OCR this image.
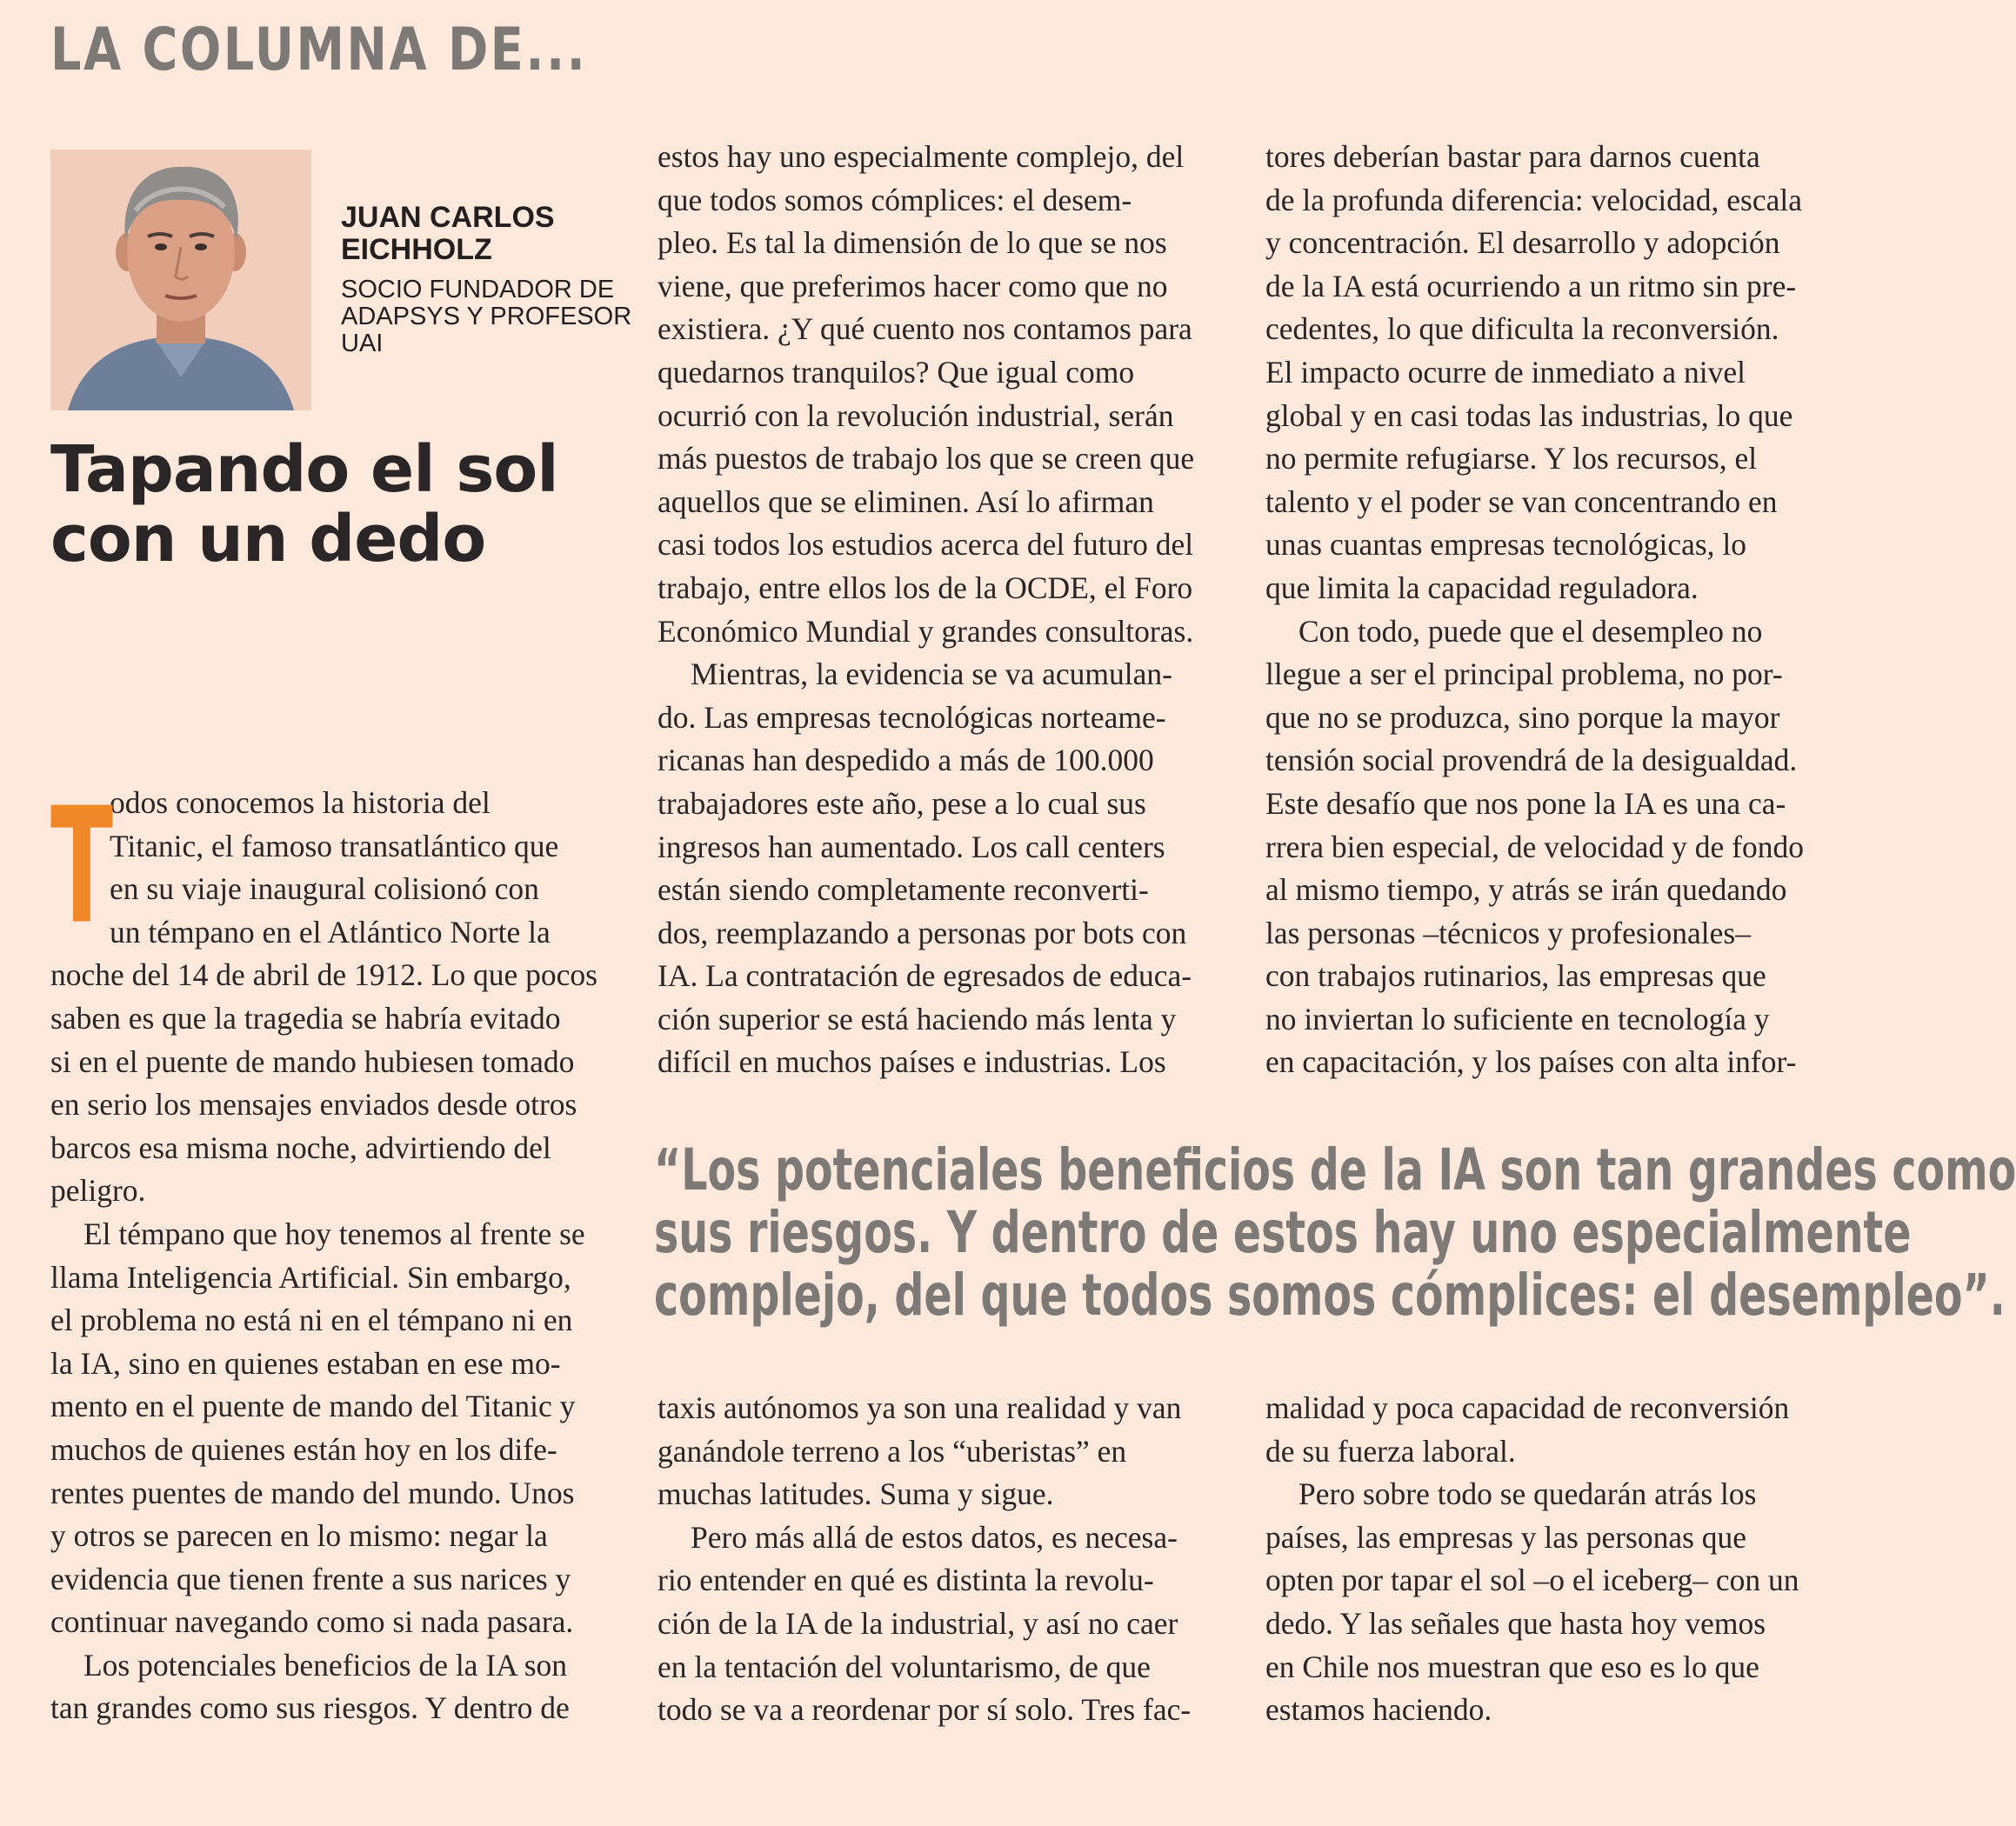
LA COLUMNA DE...

JUAN CARLOS
EICHHOLZ

SOCIO FUNDADOR DE
ADAPSYS Y PROFESOR
UAI

Tapando el sol
con un dedo

T
odos conocemos la historia del
Titanic, el famoso transatlántico que
en su viaje inaugural colisionó con
un témpano en el Atlántico Norte la
noche del 14 de abril de 1912. Lo que pocos
saben es que la tragedia se habría evitado
si en el puente de mando hubiesen tomado
en serio los mensajes enviados desde otros
barcos esa misma noche, advirtiendo del
peligro.

El témpano que hoy tenemos al frente se
llama Inteligencia Artificial. Sin embargo,
el problema no está ni en el témpano ni en
la IA, sino en quienes estaban en ese mo-
mento en el puente de mando del Titanic y
muchos de quienes están hoy en los dife-
rentes puentes de mando del mundo. Unos
y otros se parecen en lo mismo: negar la
evidencia que tienen frente a sus narices y
continuar navegando como si nada pasara.

Los potenciales beneficios de la IA son
tan grandes como sus riesgos. Y dentro de

estos hay uno especialmente complejo, del
que todos somos cómplices: el desem-
pleo. Es tal la dimensión de lo que se nos
viene, que preferimos hacer como que no
existiera. ¿Y qué cuento nos contamos para
quedarnos tranquilos? Que igual como
ocurrió con la revolución industrial, serán
más puestos de trabajo los que se creen que
aquellos que se eliminen. Así lo afirman
casi todos los estudios acerca del futuro del
trabajo, entre ellos los de la OCDE, el Foro
Económico Mundial y grandes consultoras.

Mientras, la evidencia se va acumulan-
do. Las empresas tecnológicas norteame-
ricanas han despedido a más de 100.000
trabajadores este año, pese a lo cual sus
ingresos han aumentado. Los call centers
están siendo completamente reconverti-
dos, reemplazando a personas por bots con
IA. La contratación de egresados de educa-
ción superior se está haciendo más lenta y
difícil en muchos países e industrias. Los

tores deberían bastar para darnos cuenta
de la profunda diferencia: velocidad, escala
y concentración. El desarrollo y adopción
de la IA está ocurriendo a un ritmo sin pre-
cedentes, lo que dificulta la reconversión.
El impacto ocurre de inmediato a nivel
global y en casi todas las industrias, lo que
no permite refugiarse. Y los recursos, el
talento y el poder se van concentrando en
unas cuantas empresas tecnológicas, lo
que limita la capacidad reguladora.

Con todo, puede que el desempleo no
llegue a ser el principal problema, no por-
que no se produzca, sino porque la mayor
tensión social provendrá de la desigualdad.
Este desafío que nos pone la IA es una ca-
rrera bien especial, de velocidad y de fondo
al mismo tiempo, y atrás se irán quedando
las personas –técnicos y profesionales–
con trabajos rutinarios, las empresas que
no inviertan lo suficiente en tecnología y
en capacitación, y los países con alta infor-

“Los potenciales beneficios de la IA son tan grandes como
sus riesgos. Y dentro de estos hay uno especialmente
complejo, del que todos somos cómplices: el desempleo”.

taxis autónomos ya son una realidad y van
ganándole terreno a los “uberistas” en
muchas latitudes. Suma y sigue.

Pero más allá de estos datos, es necesa-
rio entender en qué es distinta la revolu-
ción de la IA de la industrial, y así no caer
en la tentación del voluntarismo, de que
todo se va a reordenar por sí solo. Tres fac-

malidad y poca capacidad de reconversión
de su fuerza laboral.

Pero sobre todo se quedarán atrás los
países, las empresas y las personas que
opten por tapar el sol –o el iceberg– con un
dedo. Y las señales que hasta hoy vemos
en Chile nos muestran que eso es lo que
estamos haciendo.
